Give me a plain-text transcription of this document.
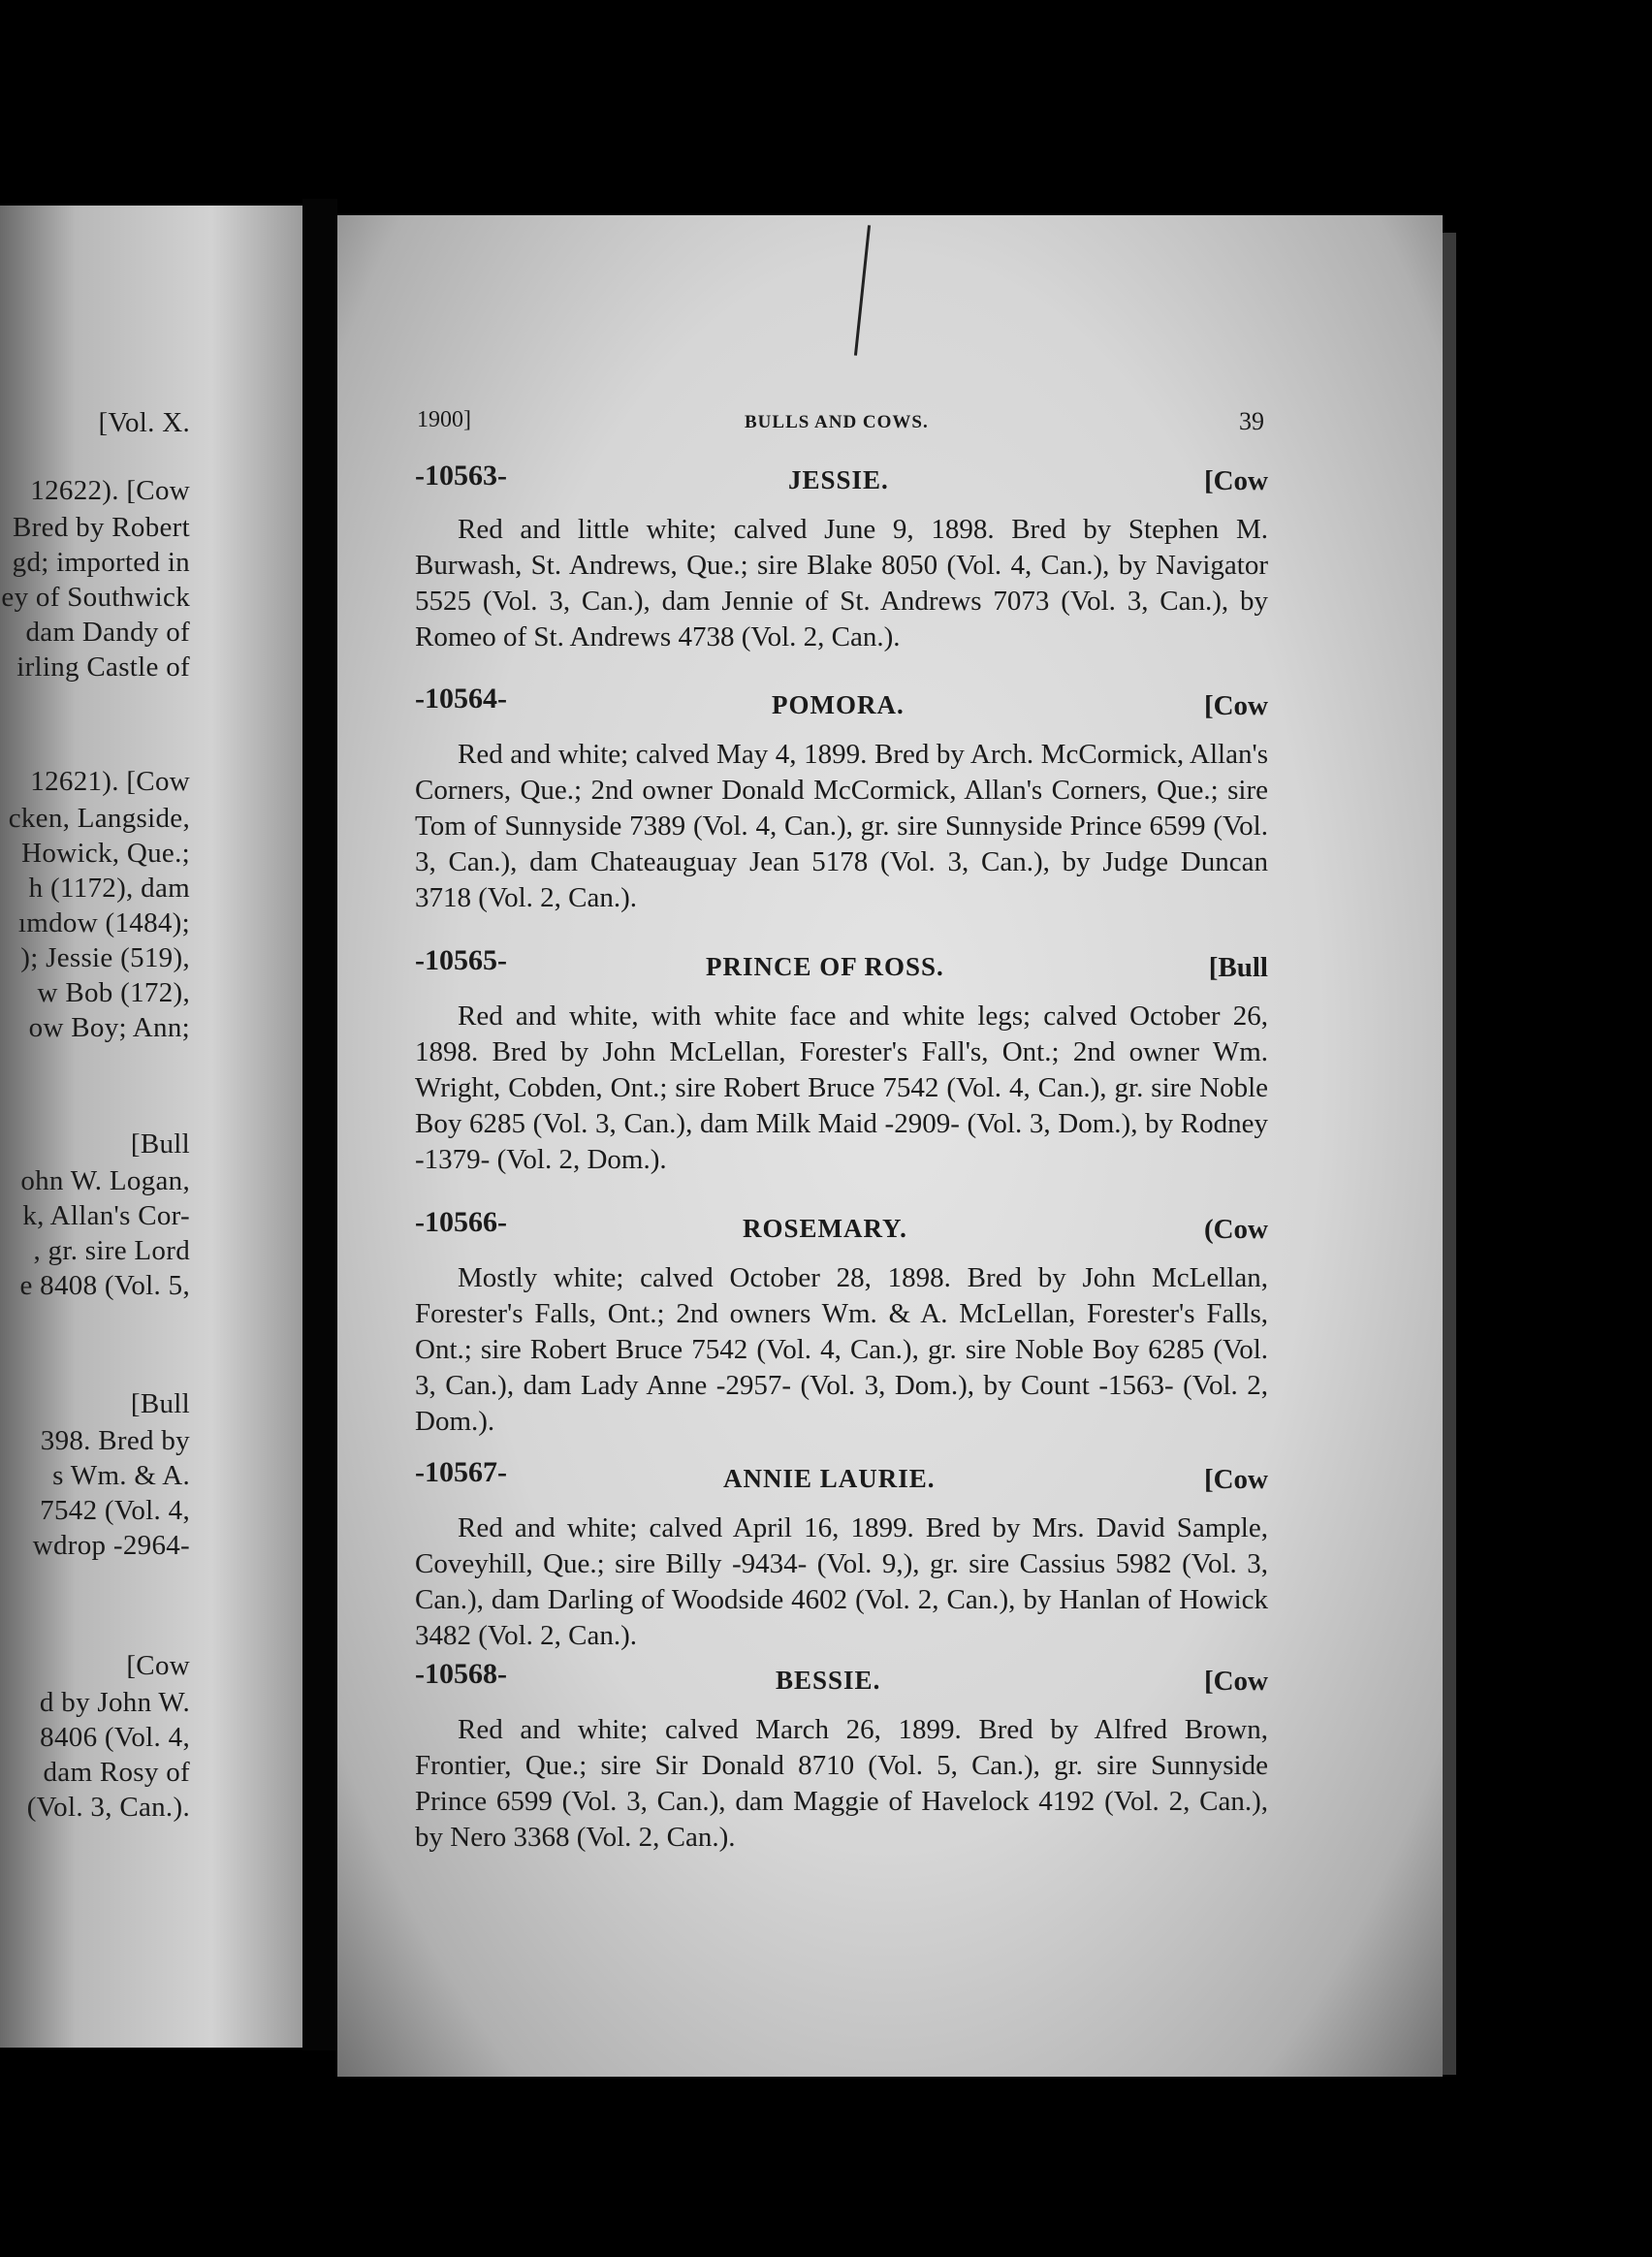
[Vol. X.
12622). [Cow
Bred by Robert
gd; imported in
ey of Southwick
dam Dandy of
irling Castle of
12621). [Cow
cken, Langside,
Howick, Que.;
h (1172), dam
ımdow (1484);
); Jessie (519),
w Bob (172),
ow Boy; Ann;
[Bull
ohn W. Logan,
k, Allan's Cor-
, gr. sire Lord
e 8408 (Vol. 5,
[Bull
398. Bred by
s Wm. & A.
7542 (Vol. 4,
wdrop -2964-
[Cow
d by John W.
8406 (Vol. 4,
dam Rosy of
(Vol. 3, Can.).
1900]	BULLS AND COWS.	39
-10563-	JESSIE.	[Cow
Red and little white; calved June 9, 1898. Bred by Stephen M. Burwash, St. Andrews, Que.; sire Blake 8050 (Vol. 4, Can.), by Navigator 5525 (Vol. 3, Can.), dam Jennie of St. Andrews 7073 (Vol. 3, Can.), by Romeo of St. Andrews 4738 (Vol. 2, Can.).
-10564-	POMORA.	[Cow
Red and white; calved May 4, 1899. Bred by Arch. McCormick, Allan's Corners, Que.; 2nd owner Donald McCormick, Allan's Corners, Que.; sire Tom of Sunnyside 7389 (Vol. 4, Can.), gr. sire Sunnyside Prince 6599 (Vol. 3, Can.), dam Chateauguay Jean 5178 (Vol. 3, Can.), by Judge Duncan 3718 (Vol. 2, Can.).
-10565-	PRINCE OF ROSS.	[Bull
Red and white, with white face and white legs; calved October 26, 1898. Bred by John McLellan, Forester's Fall's, Ont.; 2nd owner Wm. Wright, Cobden, Ont.; sire Robert Bruce 7542 (Vol. 4, Can.), gr. sire Noble Boy 6285 (Vol. 3, Can.), dam Milk Maid -2909- (Vol. 3, Dom.), by Rodney -1379- (Vol. 2, Dom.).
-10566-	ROSEMARY.	(Cow
Mostly white; calved October 28, 1898. Bred by John McLellan, Forester's Falls, Ont.; 2nd owners Wm. & A. McLellan, Forester's Falls, Ont.; sire Robert Bruce 7542 (Vol. 4, Can.), gr. sire Noble Boy 6285 (Vol. 3, Can.), dam Lady Anne -2957- (Vol. 3, Dom.), by Count -1563- (Vol. 2, Dom.).
-10567-	ANNIE LAURIE.	[Cow
Red and white; calved April 16, 1899. Bred by Mrs. David Sample, Coveyhill, Que.; sire Billy -9434- (Vol. 9,), gr. sire Cassius 5982 (Vol. 3, Can.), dam Darling of Woodside 4602 (Vol. 2, Can.), by Hanlan of Howick 3482 (Vol. 2, Can.).
-10568-	BESSIE.	[Cow
Red and white; calved March 26, 1899. Bred by Alfred Brown, Frontier, Que.; sire Sir Donald 8710 (Vol. 5, Can.), gr. sire Sunnyside Prince 6599 (Vol. 3, Can.), dam Maggie of Havelock 4192 (Vol. 2, Can.), by Nero 3368 (Vol. 2, Can.).
